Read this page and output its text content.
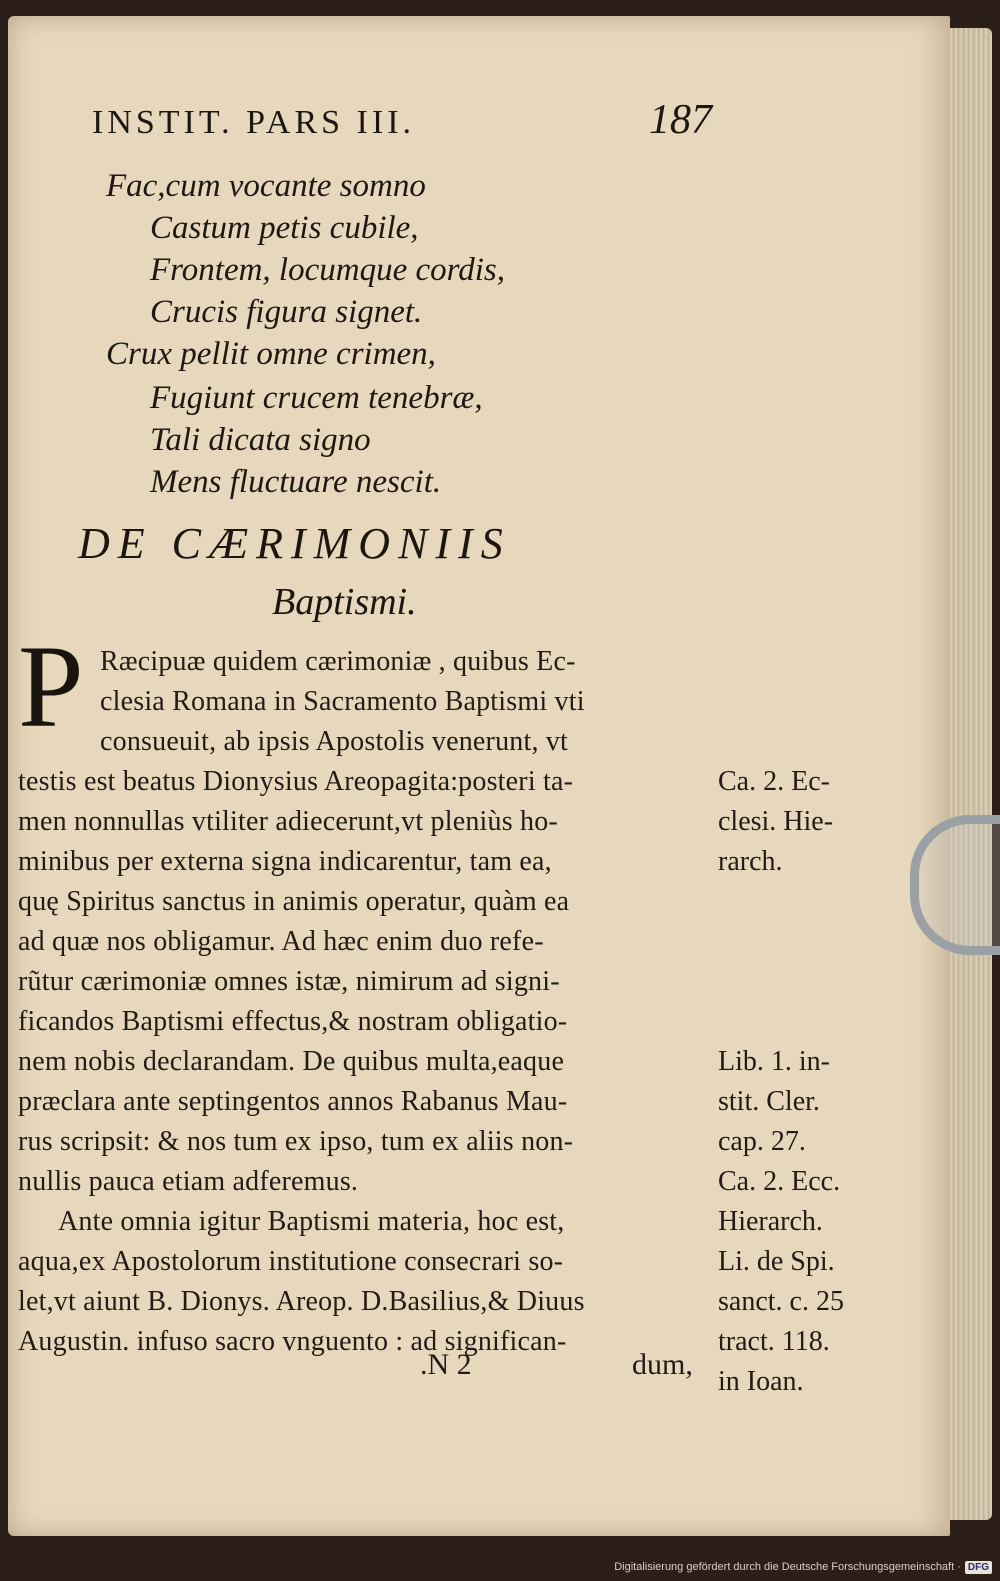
INSTIT. PARS III.	187
Fac,cum vocante somno
Castum petis cubile,
Frontem, locumque cordis,
Crucis figura signet.
Crux pellit omne crimen,
Fugiunt crucem tenebræ,
Tali dicata signo
Mens fluctuare nescit.
DE CÆRIMONIIS
Baptismi.
P Ræcipuæ quidem cærimoniæ , quibus Ec-
clesia Romana in Sacramento Baptismi vti
consueuit, ab ipsis Apostolis venerunt, vt
testis est beatus Dionysius Areopagita:posteri ta-
men nonnullas vtiliter adiecerunt,vt pleniùs ho-
minibus per externa signa indicarentur, tam ea,
quę Spiritus sanctus in animis operatur, quàm ea
ad quæ nos obligamur. Ad hæc enim duo refe-
rũtur cærimoniæ omnes istæ, nimirum ad signi-
ficandos Baptismi effectus,& nostram obligatio-
nem nobis declarandam. De quibus multa,eaque
præclara ante septingentos annos Rabanus Mau-
rus scripsit: & nos tum ex ipso, tum ex aliis non-
nullis pauca etiam adferemus.
Ante omnia igitur Baptismi materia, hoc est,
aqua,ex Apostolorum institutione consecrari so-
let,vt aiunt B. Dionys. Areop. D.Basilius,& Diuus
Augustin. infuso sacro vnguento : ad significan-
Ca. 2. Ec-
clesi. Hie-
rarch.
Lib. 1. in-
stit. Cler.
cap. 27.
Ca. 2. Ecc.
Hierarch.
Li. de Spi.
sanct. c. 25
tract. 118.
in Ioan.
.N 2	dum,
Digitalisierung gefördert durch die Deutsche Forschungsgemeinschaft · DFG
